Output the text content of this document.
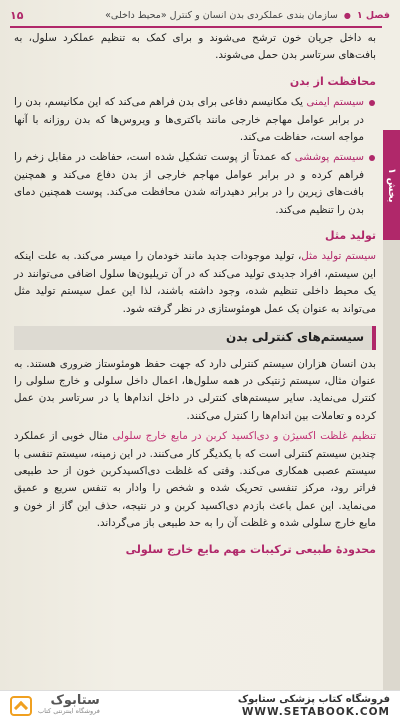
فصل ۱
●
سازمان بندی عملکردی بدن انسان و کنترل «محیط داخلی»
۱۵
بخش ۱

به داخل جریان خون ترشح می‌شوند و برای کمک به تنظیم عملکرد سلول، به بافت‌های سرتاسر بدن حمل می‌شوند.

محافظت از بدن

سیستم ایمنی یک مکانیسم دفاعی برای بدن فراهم می‌کند که این مکانیسم، بدن را در برابر عوامل مهاجم خارجی مانند باکتری‌ها و ویروس‌ها که بدن روزانه با آنها مواجه است، حفاظت می‌کند.

سیستم پوششی که عمدتاً از پوست تشکیل شده است، حفاظت در مقابل زخم را فراهم کرده و در برابر عوامل مهاجم خارجی از بدن دفاع می‌کند و همچنین بافت‌های زیرین را در برابر دهیدراته شدن محافظت می‌کند. پوست همچنین دمای بدن را تنظیم می‌کند.

تولید مثل

سیستم تولید مثل، تولید موجودات جدید مانند خودمان را میسر می‌کند. به علت اینکه این سیستم، افراد جدیدی تولید می‌کند که در آن تریلیون‌ها سلول اضافی می‌توانند در یک محیط داخلی تنظیم شده، وجود داشته باشند، لذا این عمل سیستم تولید مثل می‌تواند به عنوان یک عمل هومئوستازی در نظر گرفته شود.

سیستم‌های کنترلی بدن

بدن انسان هزاران سیستم کنترلی دارد که جهت حفظ هومئوستاز ضروری هستند. به عنوان مثال، سیستم ژنتیکی در همه سلول‌ها، اعمال داخل سلولی و خارج سلولی را کنترل می‌نماید. سایر سیستم‌های کنترلی در داخل اندام‌ها یا در سرتاسر بدن عمل کرده و تعاملات بین اندام‌ها را کنترل می‌کنند.

تنظیم غلظت اکسیژن و دی‌اکسید کربن در مایع خارج سلولی مثال خوبی از عملکرد چندین سیستم کنترلی است که با یکدیگر کار می‌کنند. در این زمینه، سیستم تنفسی با سیستم عصبی همکاری می‌کند. وقتی که غلظت دی‌اکسیدکربن خون از حد طبیعی فراتر رود، مرکز تنفسی تحریک شده و شخص را وادار به تنفس سریع و عمیق می‌نماید. این عمل باعث بازدم دی‌اکسید کربن و در نتیجه، حذف این گاز از خون و مایع خارج سلولی شده و غلظت آن را به حد طبیعی باز می‌گرداند.

محدودهٔ طبیعی ترکیبات مهم مایع خارج سلولی
ستابوک
فروشگاه اینترنتی کتاب
فروشگاه کتاب پزشکی ستابوک
WWW.SETABOOK.COM
